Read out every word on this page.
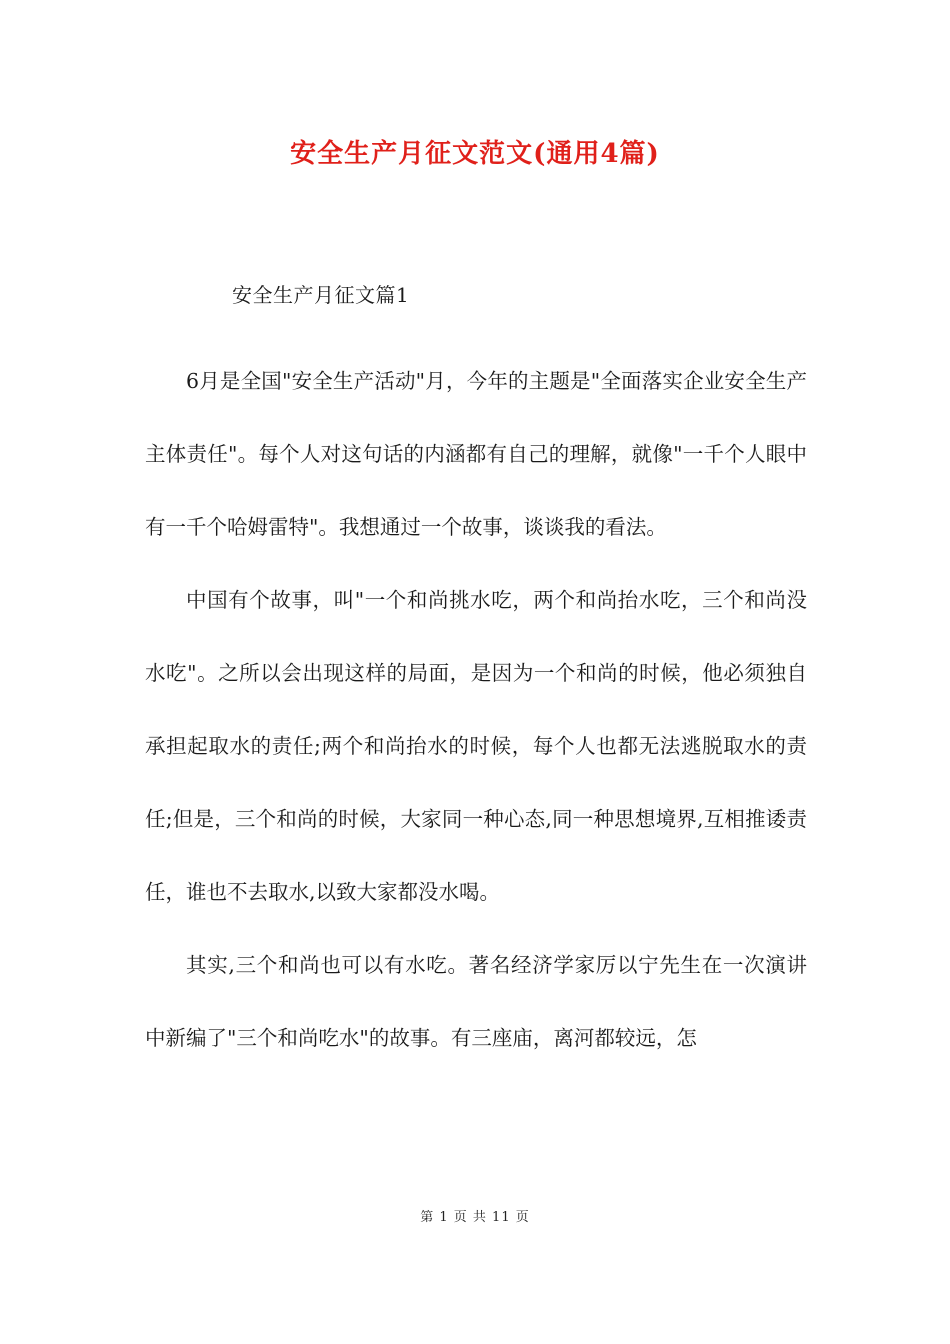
安全生产月征文范文(通用4篇)
安全生产月征文篇1

6月是全国"安全生产活动"月，今年的主题是"全面落实企业安全生产主体责任"。每个人对这句话的内涵都有自己的理解，就像"一千个人眼中有一千个哈姆雷特"。我想通过一个故事，谈谈我的看法。

中国有个故事，叫"一个和尚挑水吃，两个和尚抬水吃，三个和尚没水吃"。之所以会出现这样的局面，是因为一个和尚的时候，他必须独自承担起取水的责任;两个和尚抬水的时候，每个人也都无法逃脱取水的责任;但是，三个和尚的时候，大家同一种心态,同一种思想境界,互相推诿责任，谁也不去取水,以致大家都没水喝。

其实,三个和尚也可以有水吃。著名经济学家厉以宁先生在一次演讲中新编了"三个和尚吃水"的故事。有三座庙，离河都较远，怎

第 1 页 共 11 页
